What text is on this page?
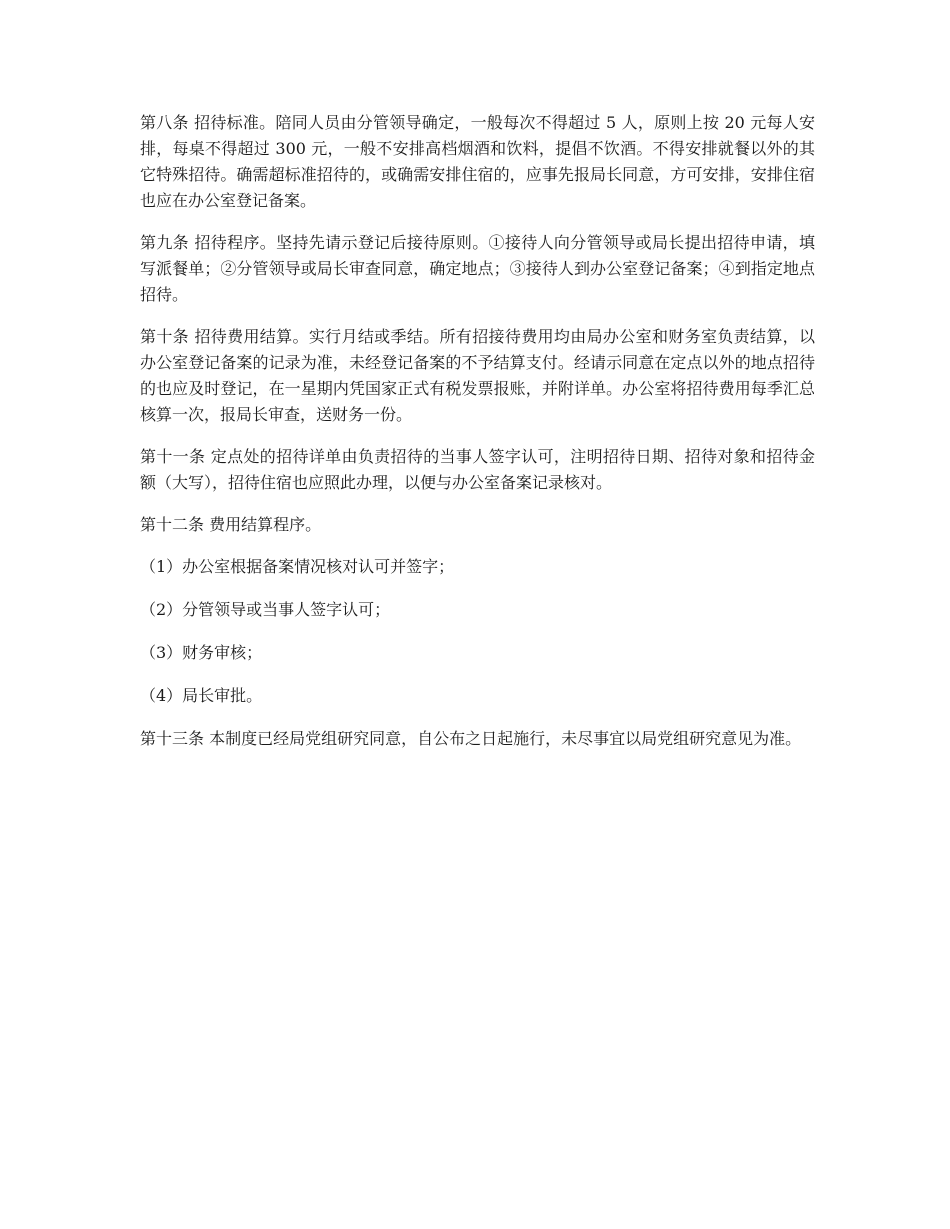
第八条 招待标准。陪同人员由分管领导确定，一般每次不得超过 5 人，原则上按 20 元每人安排，每桌不得超过 300 元，一般不安排高档烟酒和饮料，提倡不饮酒。不得安排就餐以外的其它特殊招待。确需超标准招待的，或确需安排住宿的，应事先报局长同意，方可安排，安排住宿也应在办公室登记备案。

第九条 招待程序。坚持先请示登记后接待原则。①接待人向分管领导或局长提出招待申请，填写派餐单；②分管领导或局长审查同意，确定地点；③接待人到办公室登记备案；④到指定地点招待。

第十条 招待费用结算。实行月结或季结。所有招接待费用均由局办公室和财务室负责结算，以办公室登记备案的记录为准，未经登记备案的不予结算支付。经请示同意在定点以外的地点招待的也应及时登记，在一星期内凭国家正式有税发票报账，并附详单。办公室将招待费用每季汇总核算一次，报局长审查，送财务一份。

第十一条 定点处的招待详单由负责招待的当事人签字认可，注明招待日期、招待对象和招待金额（大写），招待住宿也应照此办理，以便与办公室备案记录核对。

第十二条 费用结算程序。

（1）办公室根据备案情况核对认可并签字；

（2）分管领导或当事人签字认可；

（3）财务审核；

（4）局长审批。

第十三条 本制度已经局党组研究同意，自公布之日起施行，未尽事宜以局党组研究意见为准。
